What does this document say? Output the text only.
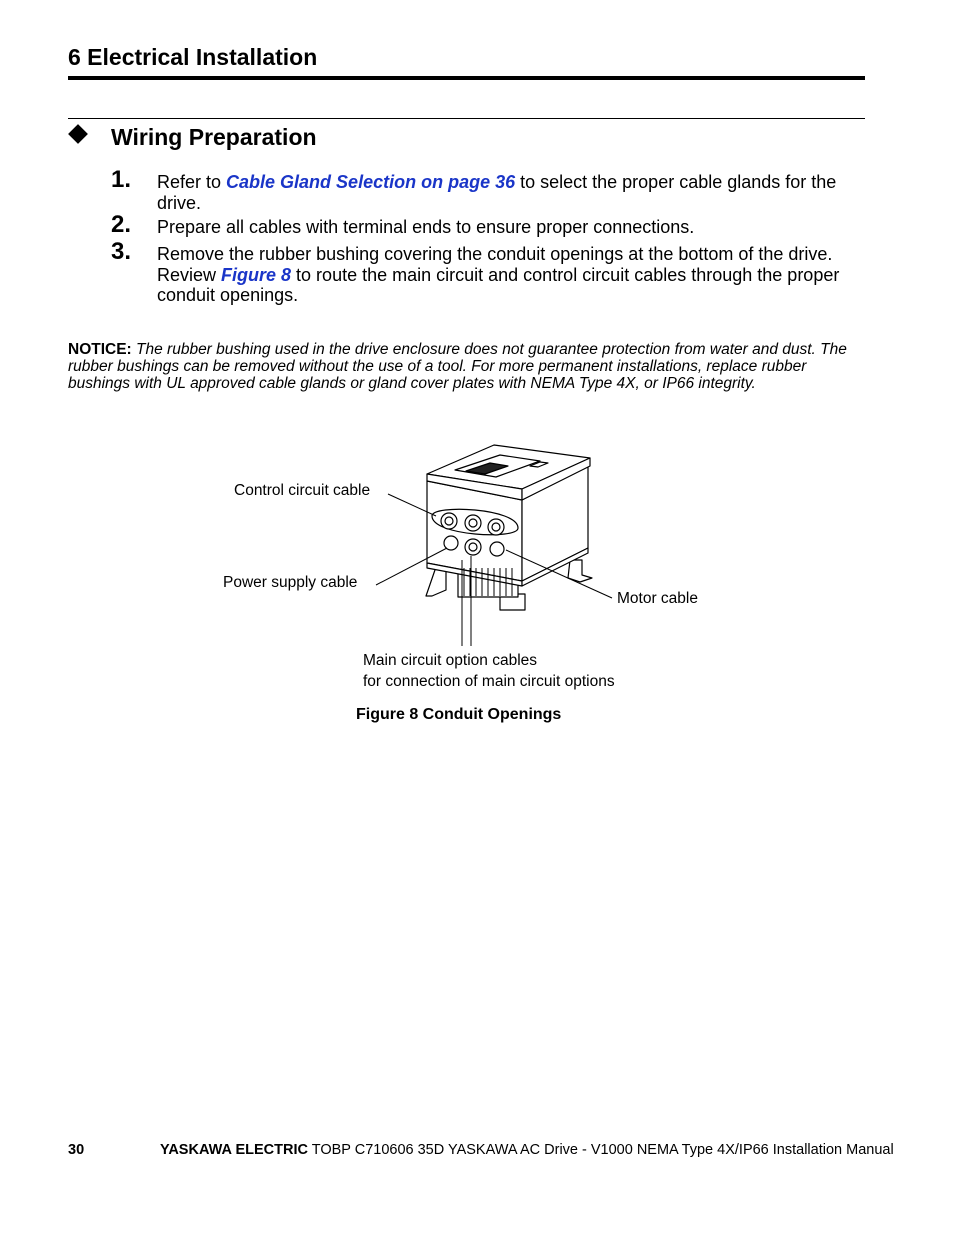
6 Electrical Installation
Wiring Preparation
1. Refer to Cable Gland Selection on page 36 to select the proper cable glands for the drive.
2. Prepare all cables with terminal ends to ensure proper connections.
3. Remove the rubber bushing covering the conduit openings at the bottom of the drive. Review Figure 8 to route the main circuit and control circuit cables through the proper conduit openings.
NOTICE: The rubber bushing used in the drive enclosure does not guarantee protection from water and dust. The rubber bushings can be removed without the use of a tool. For more permanent installations, replace rubber bushings with UL approved cable glands or gland cover plates with NEMA Type 4X, or IP66 integrity.
Control circuit cable
Power supply cable
Motor cable
Main circuit option cables
for connection of main circuit options
Figure 8 Conduit Openings
30	YASKAWA ELECTRIC TOBP C710606 35D YASKAWA AC Drive - V1000 NEMA Type 4X/IP66 Installation Manual
